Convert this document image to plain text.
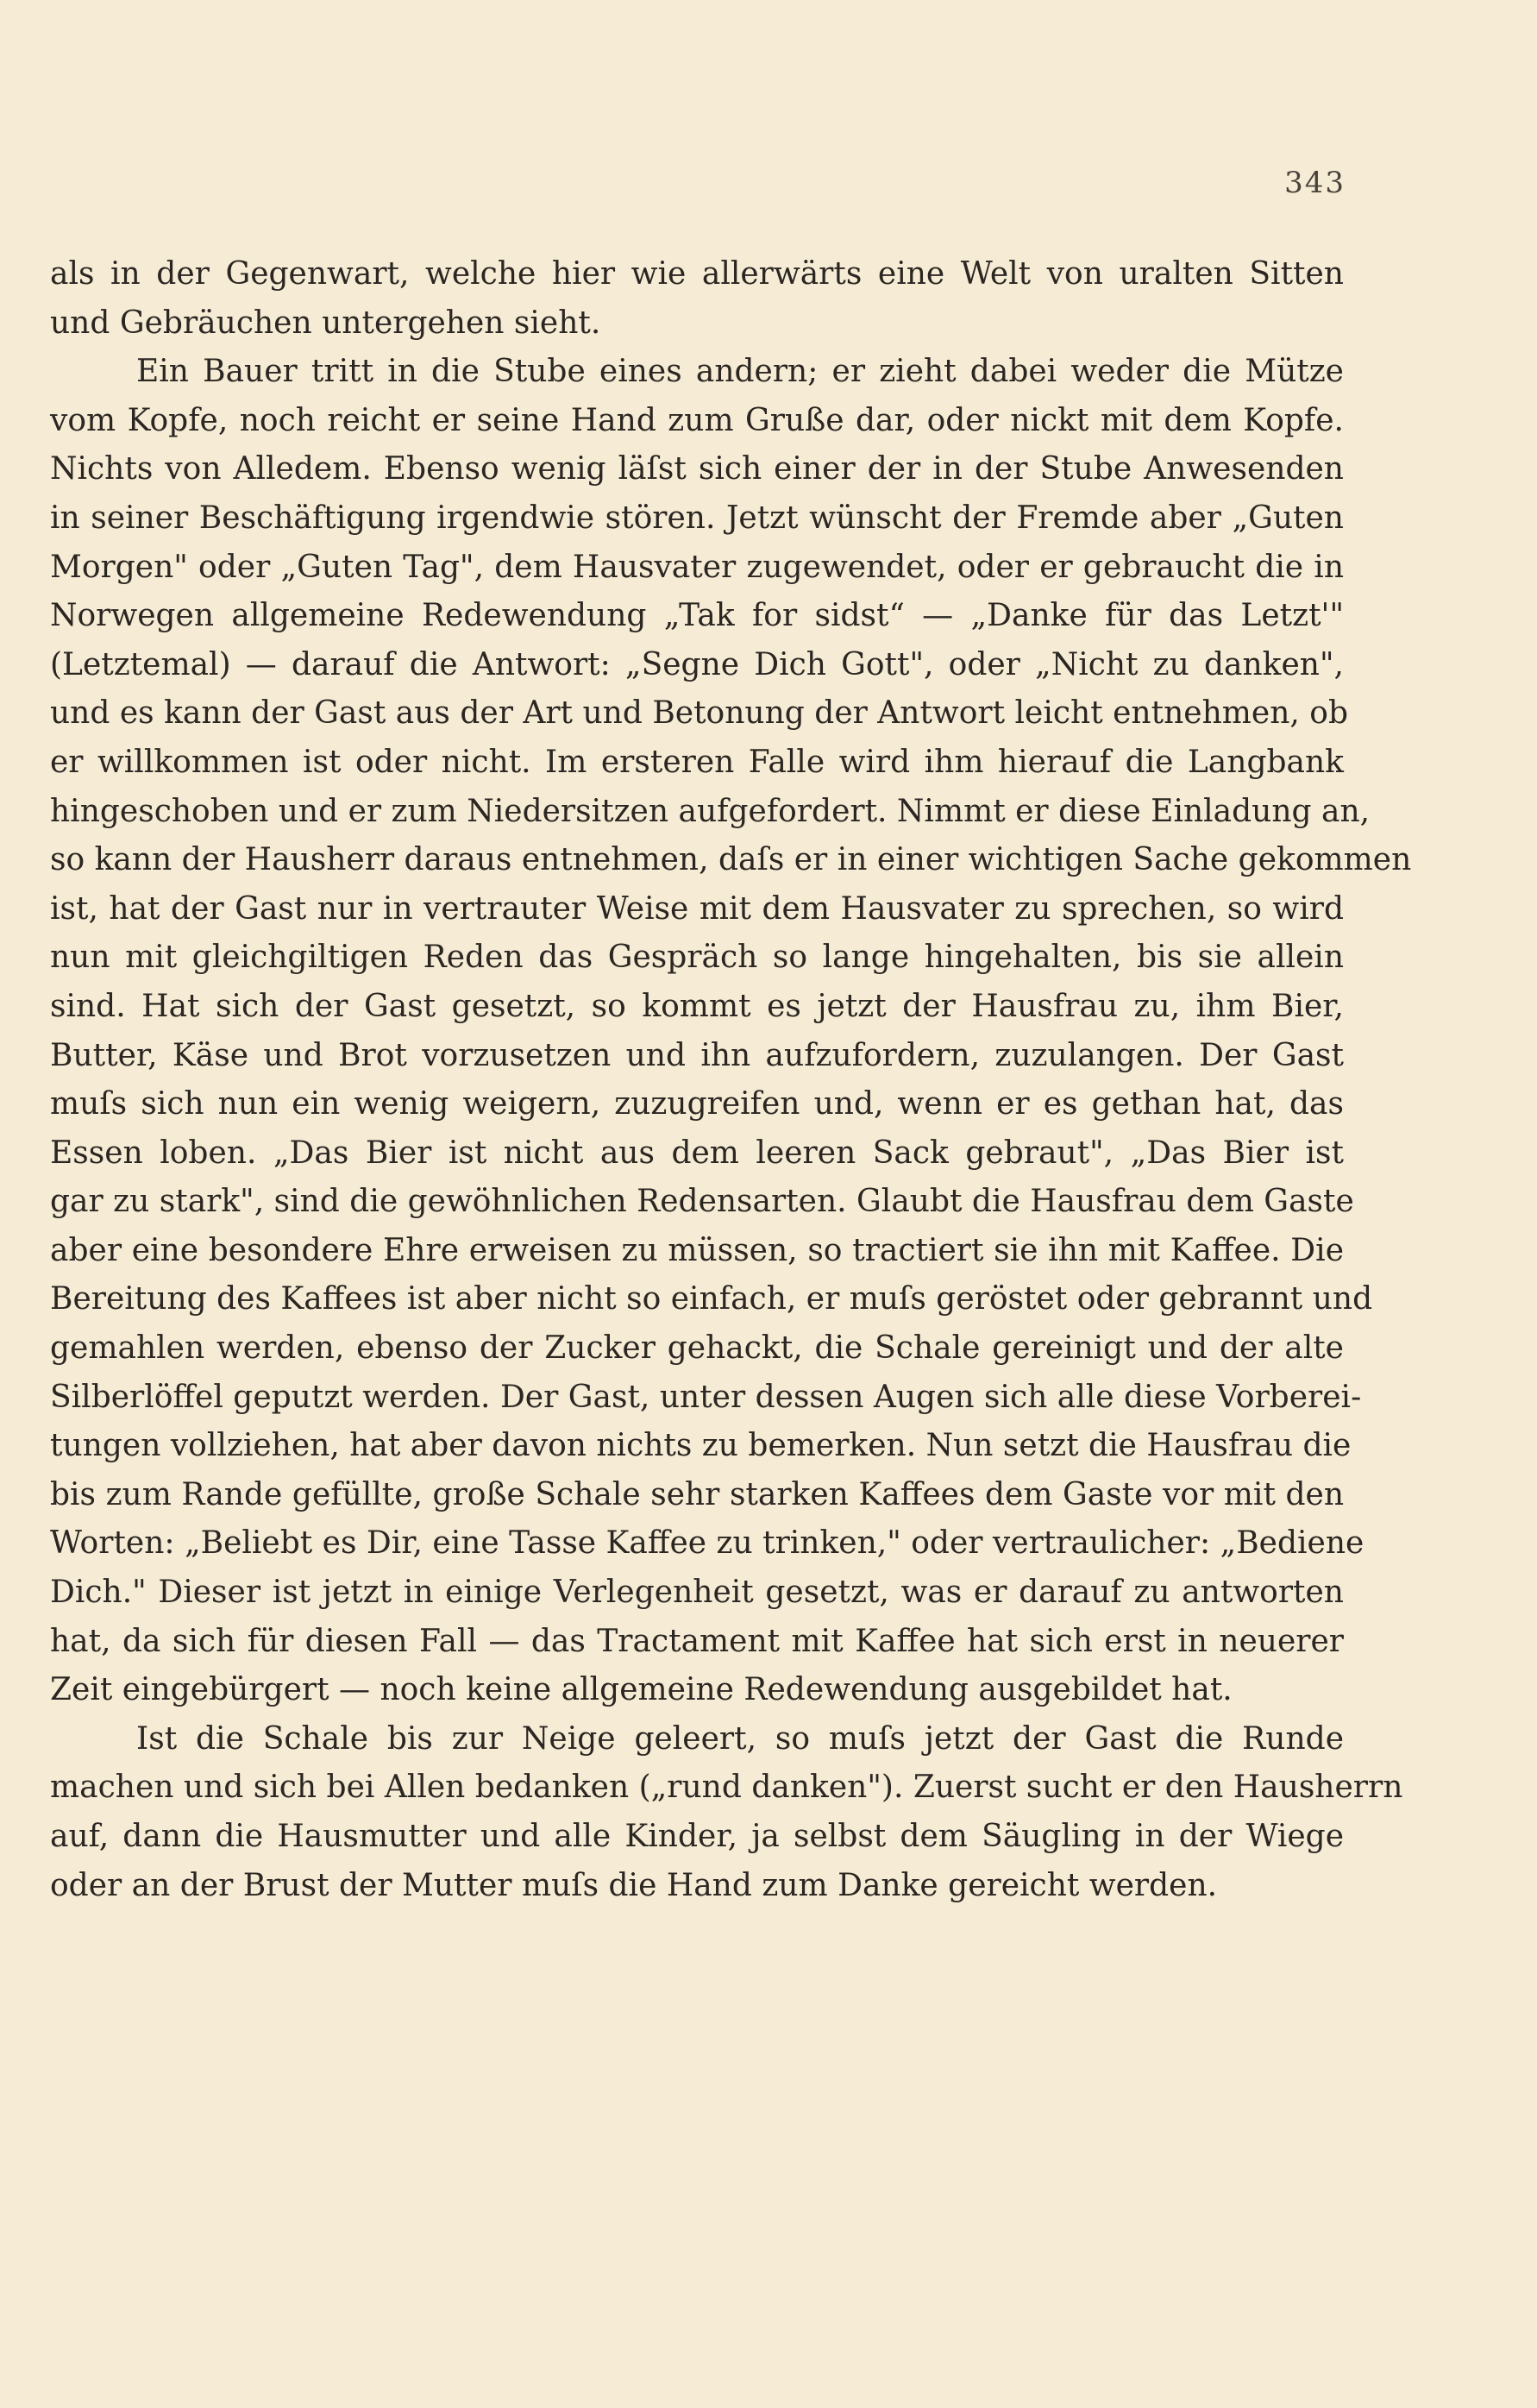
343
als in der Gegenwart, welche hier wie allerwärts eine Welt von uralten Sitten
und Gebräuchen untergehen sieht.
Ein Bauer tritt in die Stube eines andern; er zieht dabei weder die Mütze
vom Kopfe, noch reicht er seine Hand zum Gruße dar, oder nickt mit dem Kopfe.
Nichts von Alledem. Ebenso wenig läſst sich einer der in der Stube Anwesenden
in seiner Beschäftigung irgendwie stören. Jetzt wünscht der Fremde aber „Guten
Morgen" oder „Guten Tag", dem Hausvater zugewendet, oder er gebraucht die in
Norwegen allgemeine Redewendung „Tak for sidst“ — „Danke für das Letzt'"
(Letztemal) — darauf die Antwort: „Segne Dich Gott", oder „Nicht zu danken",
und es kann der Gast aus der Art und Betonung der Antwort leicht entnehmen, ob
er willkommen ist oder nicht. Im ersteren Falle wird ihm hierauf die Langbank
hingeschoben und er zum Niedersitzen aufgefordert. Nimmt er diese Einladung an,
so kann der Hausherr daraus entnehmen, daſs er in einer wichtigen Sache gekommen
ist, hat der Gast nur in vertrauter Weise mit dem Hausvater zu sprechen, so wird
nun mit gleichgiltigen Reden das Gespräch so lange hingehalten, bis sie allein
sind. Hat sich der Gast gesetzt, so kommt es jetzt der Hausfrau zu, ihm Bier,
Butter, Käse und Brot vorzusetzen und ihn aufzufordern, zuzulangen. Der Gast
muſs sich nun ein wenig weigern, zuzugreifen und, wenn er es gethan hat, das
Essen loben. „Das Bier ist nicht aus dem leeren Sack gebraut", „Das Bier ist
gar zu stark", sind die gewöhnlichen Redensarten. Glaubt die Hausfrau dem Gaste
aber eine besondere Ehre erweisen zu müssen, so tractiert sie ihn mit Kaffee. Die
Bereitung des Kaffees ist aber nicht so einfach, er muſs geröstet oder gebrannt und
gemahlen werden, ebenso der Zucker gehackt, die Schale gereinigt und der alte
Silberlöffel geputzt werden. Der Gast, unter dessen Augen sich alle diese Vorberei-
tungen vollziehen, hat aber davon nichts zu bemerken. Nun setzt die Hausfrau die
bis zum Rande gefüllte, große Schale sehr starken Kaffees dem Gaste vor mit den
Worten: „Beliebt es Dir, eine Tasse Kaffee zu trinken," oder vertraulicher: „Bediene
Dich." Dieser ist jetzt in einige Verlegenheit gesetzt, was er darauf zu antworten
hat, da sich für diesen Fall — das Tractament mit Kaffee hat sich erst in neuerer
Zeit eingebürgert — noch keine allgemeine Redewendung ausgebildet hat.
Ist die Schale bis zur Neige geleert, so muſs jetzt der Gast die Runde
machen und sich bei Allen bedanken („rund danken"). Zuerst sucht er den Hausherrn
auf, dann die Hausmutter und alle Kinder, ja selbst dem Säugling in der Wiege
oder an der Brust der Mutter muſs die Hand zum Danke gereicht werden.
